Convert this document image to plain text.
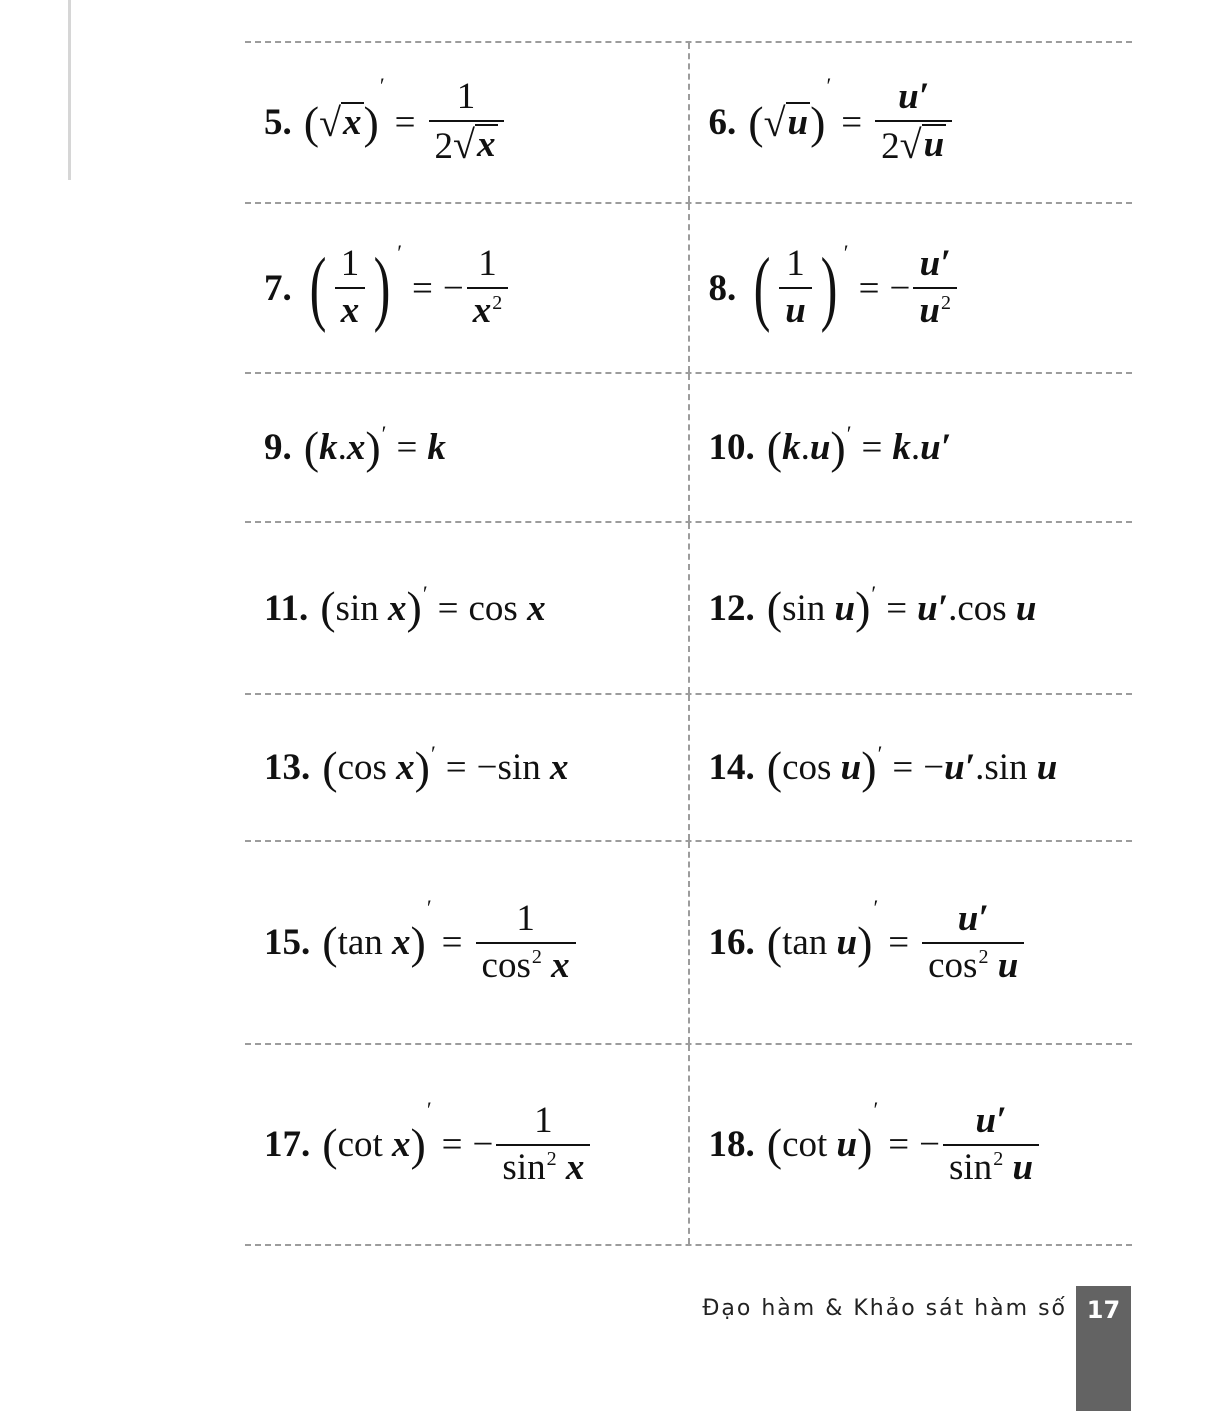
5. ( √ x )
′
= $\frac{1}{2 √ x}$	6. ( √ u )
′
= $\frac{u'}{2 √ u}$
7. ( $\frac{1}{x}$ ) ′
= − $\frac{1}{x^2}$	8. ( $\frac{1}{u}$ ) ′
= − $\frac{u'}{u^2}$
9. ( k . x ) ′ = k	10. ( k . u ) ′ = k . u′
11. ( sin
x ) ′ = cos
x	12. ( sin
u ) ′ = u′ . cos
u
13. ( cos
x ) ′ = − sin
x	14. ( cos
u ) ′ = − u′ . sin
u
15. ( tan
x )
′
= $\frac{1}{\cos^2 x}$	16. ( tan
u )
′
= $\frac{u'}{\cos^2 u}$
17. ( cot
x )
′
= − $\frac{1}{\sin^2 x}$	18. ( cot
u )
′
= − $\frac{u'}{\sin^2 u}$
Đạo hàm & Khảo sát hàm số 17
